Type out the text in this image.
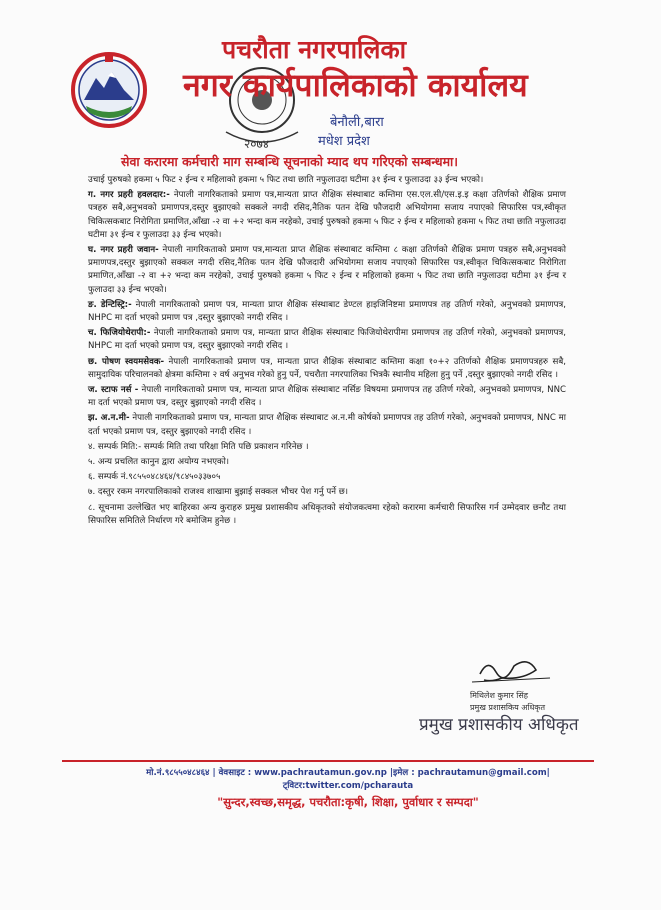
२०७४
पचरौता नगरपालिका
नगर कार्यपालिकाको कार्यालय
बेनौली,बारा
मधेश प्रदेश
सेवा करारमा कर्मचारी माग सम्बन्धि सूचनाको म्याद थप गरिएको सम्बन्धमा।

उचाई पुरुषको हकमा ५ फिट २ ईन्च र महिलाको हकमा ५ फिट तथा छाति नफुलाउदा घटीमा ३१ ईन्च र फुलाउदा ३३ ईन्च भएको।

ग. नगर प्रहरी हवलदार:- नेपाली नागरिकताको प्रमाण पत्र,मान्यता प्राप्त शैक्षिक संस्थाबाट कम्तिमा एस.एल.सी/एस.इ.इ कक्षा उतिर्णको शैक्षिक प्रमाण पत्रहरु सबै,अनुभवको प्रमाणपत्र,दस्तुर बुझाएको सक्कले नगदी रसिद,नैतिक पतन देखि फौजदारी अभियोगमा सजाय नपाएको सिफारिस पत्र,स्वीकृत चिकित्सकबाट निरोगिता प्रमाणित,आँखा -२ वा +२ भन्दा कम नरहेको, उचाई पुरुषको हकमा ५ फिट २ ईन्च र महिलाको हकमा ५ फिट तथा छाति नफुलाउदा घटीमा ३१ ईन्च र फुलाउदा ३३ ईन्च भएको।

घ. नगर प्रहरी जवान- नेपाली नागरिकताको प्रमाण पत्र,मान्यता प्राप्त शैक्षिक संस्थाबाट कम्तिमा ८ कक्षा उतिर्णको शैक्षिक प्रमाण पत्रहरु सबै,अनुभवको प्रमाणपत्र,दस्तुर बुझाएको सक्कल नगदी रसिद,नैतिक पतन देखि फौजदारी अभियोगमा सजाय नपाएको सिफारिस पत्र,स्वीकृत चिकित्सकबाट निरोगिता प्रमाणित,आँखा -२ वा +२ भन्दा कम नरहेको, उचाई पुरुषको हकमा ५ फिट २ ईन्च र महिलाको हकमा ५ फिट तथा छाति नफुलाउदा घटीमा ३१ ईन्च र फुलाउदा ३३ ईन्च भएको।

ङ. डेन्टिस्ट्रि:- नेपाली नागरिकताको प्रमाण पत्र, मान्यता प्राप्त शैक्षिक संस्थाबाट डेण्टल हाइजिनिष्टमा प्रमाणपत्र तह उतिर्ण गरेको, अनुभवको प्रमाणपत्र, NHPC मा दर्ता भएको प्रमाण पत्र ,दस्तुर बुझाएको नगदी रसिद ।

च. फिजियोथेरापी:- नेपाली नागरिकताको प्रमाण पत्र, मान्यता प्राप्त शैक्षिक संस्थाबाट फिजियोथेरापीमा प्रमाणपत्र तह उतिर्ण गरेको, अनुभवको प्रमाणपत्र, NHPC मा दर्ता भएको प्रमाण पत्र, दस्तुर बुझाएको नगदी रसिद ।

छ. पोषण स्वयमसेवक- नेपाली नागरिकताको प्रमाण पत्र, मान्यता प्राप्त शैक्षिक संस्थाबाट कम्तिमा कक्षा १०+२ उतिर्णको शैक्षिक प्रमाणपत्रहरु सबै, सामुदायिक परिचालनको क्षेत्रमा कम्तिमा २ वर्ष अनुभव गरेको हुनु पर्ने, पचरौता नगरपालिका भित्रकै स्थानीय महिला हुनु पर्ने ,दस्तुर बुझाएको नगदी रसिद ।

ज. स्टाफ नर्स - नेपाली नागरिकताको प्रमाण पत्र, मान्यता प्राप्त शैक्षिक संस्थाबाट नर्सिङ विषयमा प्रमाणपत्र तह उतिर्ण गरेको, अनुभवको प्रमाणपत्र, NNC मा दर्ता भएको प्रमाण पत्र, दस्तुर बुझाएको नगदी रसिद ।

झ. अ.न.मी- नेपाली नागरिकताको प्रमाण पत्र, मान्यता प्राप्त शैक्षिक संस्थाबाट अ.न.मी कोर्षको प्रमाणपत्र तह उतिर्ण गरेको, अनुभवको प्रमाणपत्र, NNC मा दर्ता भएको प्रमाण पत्र, दस्तुर बुझाएको नगदी रसिद ।

४. सम्पर्क मिति:- सम्पर्क मिति तथा परिक्षा मिति पछि प्रकाशन गरिनेछ ।

५. अन्य प्रचलित कानुन द्वारा अयोग्य नभएको।

६. सम्पर्क नं.९८५५०४८४६४/९८४५०३३७०५

७. दस्तुर रकम नगरपालिकाको राजश्व शाखामा बुझाई सक्कल भौचर पेश गर्नु पर्ने छ।

८. सूचनामा उल्लेखित भए बाहिरका अन्य कुराहरु प्रमुख प्रशासकीय अधिकृतको संयोजकत्वमा रहेको करारमा कर्मचारी सिफारिस गर्न उम्मेदवार छनौट तथा सिफारिस समितिले निर्धारण गरे बमोजिम हुनेछ ।

मिथिलेश कुमार सिंह
प्रमुख प्रशासकिय अधिकृत
प्रमुख प्रशासकीय अधिकृत
मो.नं.९८५५०४८४६४ | वेवसाइट : www.pachrautamun.gov.np |इमेल : pachrautamun@gmail.com|
ट्विटर:twitter.com/pcharauta
"सुन्दर,स्वच्छ,समृद्ध, पचरौता:कृषी, शिक्षा, पुर्वाधार र सम्पदा"
